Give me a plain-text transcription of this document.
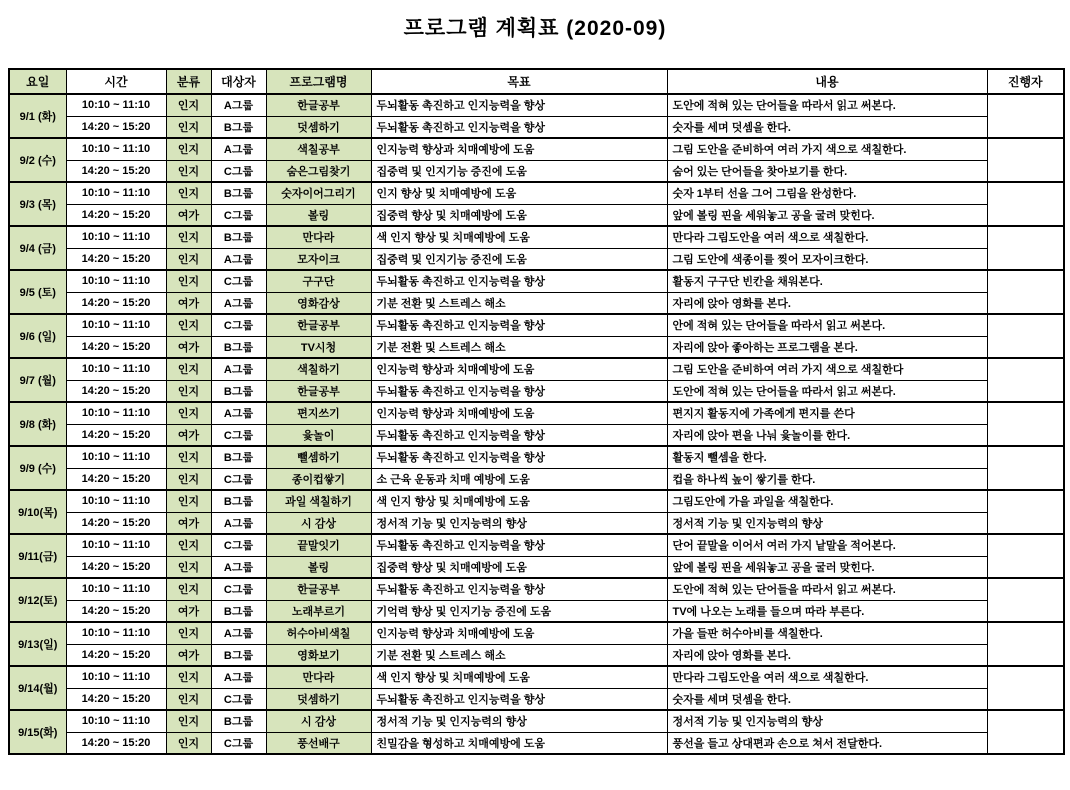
프로그램 계획표 (2020-09)
요일	시간	분류	대상자	프로그램명	목표	내용	진행자
9/1 (화)	10:10 ~ 11:10	인지	A그룹	한글공부	두뇌활동 촉진하고 인지능력을 향상	도안에 적혀 있는 단어들을 따라서 읽고 써본다.	
	14:20 ~ 15:20	인지	B그룹	덧셈하기	두뇌활동 촉진하고 인지능력을 향상	숫자를 세며 덧셈을 한다.	
9/2 (수)	10:10 ~ 11:10	인지	A그룹	색칠공부	인지능력 향상과 치매예방에 도움	그림 도안을 준비하여 여러 가지 색으로 색칠한다.	
	14:20 ~ 15:20	인지	C그룹	숨은그림찾기	집중력 및 인지기능 증진에 도움	숨어 있는 단어들을 찾아보기를 한다.	
9/3 (목)	10:10 ~ 11:10	인지	B그룹	숫자이어그리기	인지 향상 및 치매예방에 도움	숫자 1부터 선을 그어 그림을 완성한다.	
	14:20 ~ 15:20	여가	C그룹	볼링	집중력 향상 및 치매예방에 도움	앞에 볼링 핀을 세워놓고 공을 굴려 맞힌다.	
9/4 (금)	10:10 ~ 11:10	인지	B그룹	만다라	색 인지 향상 및 치매예방에 도움	만다라 그림도안을 여러 색으로 색칠한다.	
	14:20 ~ 15:20	인지	A그룹	모자이크	집중력 및 인지기능 증진에 도움	그림 도안에 색종이를 찢어 모자이크한다.	
9/5 (토)	10:10 ~ 11:10	인지	C그룹	구구단	두뇌활동 촉진하고 인지능력을 향상	활동지 구구단 빈칸을 채워본다.	
	14:20 ~ 15:20	여가	A그룹	영화감상	기분 전환 및 스트레스 해소	자리에 앉아 영화를 본다.	
9/6 (일)	10:10 ~ 11:10	인지	C그룹	한글공부	두뇌활동 촉진하고 인지능력을 향상	안에 적혀 있는 단어들을 따라서 읽고 써본다.	
	14:20 ~ 15:20	여가	B그룹	TV시청	기분 전환 및 스트레스 해소	자리에 앉아 좋아하는 프로그램을 본다.	
9/7 (월)	10:10 ~ 11:10	인지	A그룹	색칠하기	인지능력 향상과 치매예방에 도움	그림 도안을 준비하여 여러 가지 색으로 색칠한다	
	14:20 ~ 15:20	인지	B그룹	한글공부	두뇌활동 촉진하고 인지능력을 향상	도안에 적혀 있는 단어들을 따라서 읽고 써본다.	
9/8 (화)	10:10 ~ 11:10	인지	A그룹	편지쓰기	인지능력 향상과 치매예방에 도움	편지지 활동지에 가족에게 편지를 쓴다	
	14:20 ~ 15:20	여가	C그룹	윷놀이	두뇌활동 촉진하고 인지능력을 향상	자리에 앉아 편을 나눠 윷놀이를 한다.	
9/9 (수)	10:10 ~ 11:10	인지	B그룹	뺄셈하기	두뇌활동 촉진하고 인지능력을 향상	활동지 뺄셈을 한다.	
	14:20 ~ 15:20	인지	C그룹	종이컵쌓기	소 근육 운동과 치매 예방에 도움	컵을 하나씩 높이 쌓기를 한다.	
9/10(목)	10:10 ~ 11:10	인지	B그룹	과일 색칠하기	색 인지 향상 및 치매예방에 도움	그림도안에 가을 과일을 색칠한다.	
	14:20 ~ 15:20	여가	A그룹	시 감상	정서적 기능 및 인지능력의 향상	정서적 기능 및 인지능력의 향상	
9/11(금)	10:10 ~ 11:10	인지	C그룹	끝말잇기	두뇌활동 촉진하고 인지능력을 향상	단어 끝말을 이어서 여러 가지 낱말을 적어본다.	
	14:20 ~ 15:20	인지	A그룹	볼링	집중력 향상 및 치매예방에 도움	앞에 볼링 핀을 세워놓고 공을 굴러 맞힌다.	
9/12(토)	10:10 ~ 11:10	인지	C그룹	한글공부	두뇌활동 촉진하고 인지능력을 향상	도안에 적혀 있는 단어들을 따라서 읽고 써본다.	
	14:20 ~ 15:20	여가	B그룹	노래부르기	기억력 향상 및 인지기능 증진에 도움	TV에 나오는 노래를 들으며 따라 부른다.	
9/13(일)	10:10 ~ 11:10	인지	A그룹	허수아비색칠	인지능력 향상과 치매예방에 도움	가을 들판 허수아비를 색칠한다.	
	14:20 ~ 15:20	여가	B그룹	영화보기	기분 전환 및 스트레스 해소	자리에 앉아 영화를 본다.	
9/14(월)	10:10 ~ 11:10	인지	A그룹	만다라	색 인지 향상 및 치매예방에 도움	만다라 그림도안을 여러 색으로 색칠한다.	
	14:20 ~ 15:20	인지	C그룹	덧셈하기	두뇌활동 촉진하고 인지능력을 향상	숫자를 세며 덧셈을 한다.	
9/15(화)	10:10 ~ 11:10	인지	B그룹	시 감상	정서적 기능 및 인지능력의 향상	정서적 기능 및 인지능력의 향상	
	14:20 ~ 15:20	인지	C그룹	풍선배구	친밀감을 형성하고 치매예방에 도움	풍선을 들고 상대편과 손으로 쳐서 전달한다.	
